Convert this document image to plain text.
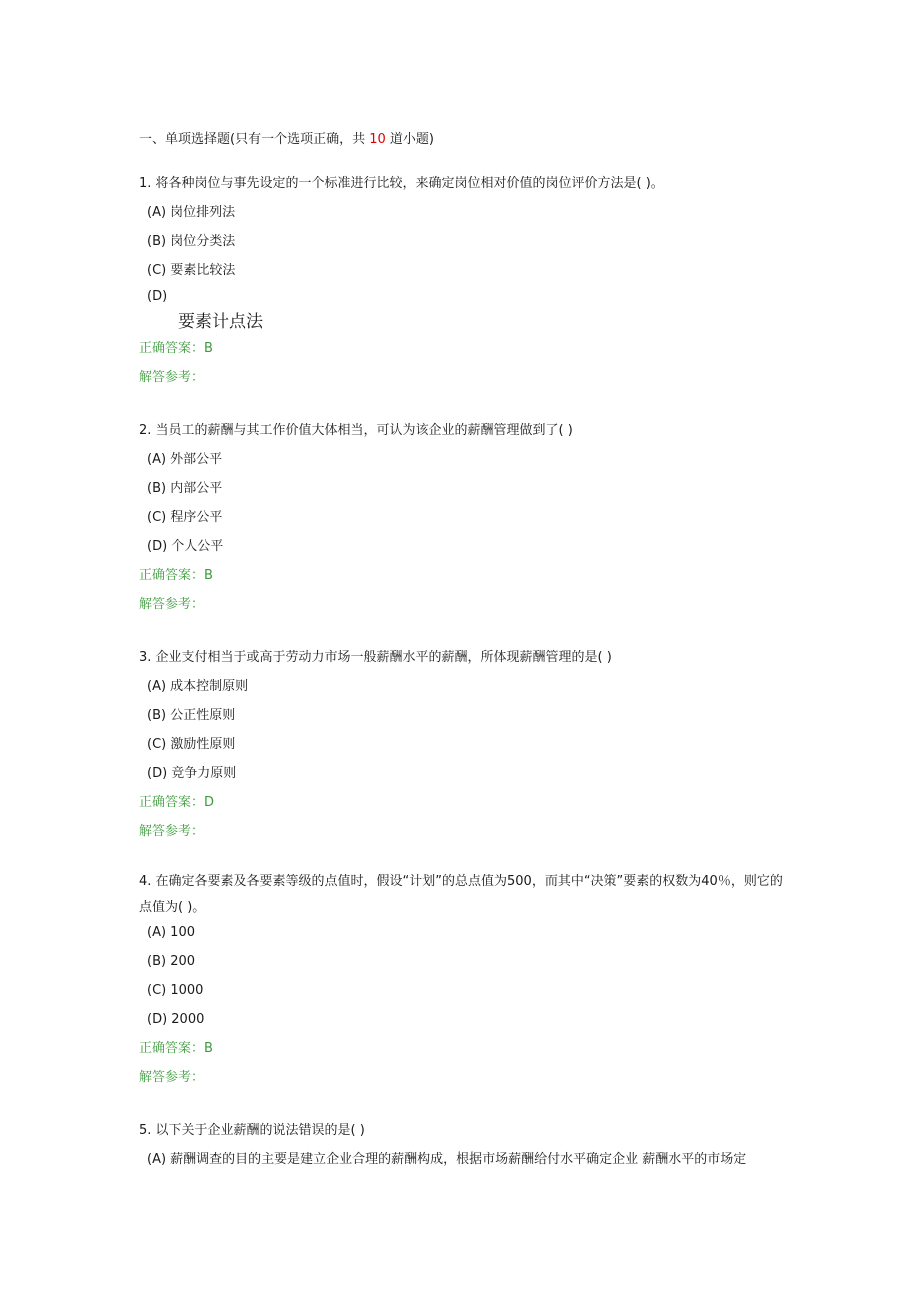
一、单项选择题(只有一个选项正确，共 10 道小题)
1. 将各种岗位与事先设定的一个标准进行比较，来确定岗位相对价值的岗位评价方法是( )。
(A) 岗位排列法
(B) 岗位分类法
(C) 要素比较法
(D)
要素计点法
正确答案：B
解答参考：
2. 当员工的薪酬与其工作价值大体相当，可认为该企业的薪酬管理做到了( )
(A) 外部公平
(B) 内部公平
(C) 程序公平
(D) 个人公平
正确答案：B
解答参考：
3. 企业支付相当于或高于劳动力市场一般薪酬水平的薪酬，所体现薪酬管理的是( )
(A) 成本控制原则
(B) 公正性原则
(C) 激励性原则
(D) 竞争力原则
正确答案：D
解答参考：
4. 在确定各要素及各要素等级的点值时，假设“计划”的总点值为500，而其中“决策”要素的权数为40％，则它的点值为( )。
(A) 100
(B) 200
(C) 1000
(D) 2000
正确答案：B
解答参考：
5. 以下关于企业薪酬的说法错误的是( )
(A) 薪酬调查的目的主要是建立企业合理的薪酬构成，根据市场薪酬给付水平确定企业 薪酬水平的市场定
